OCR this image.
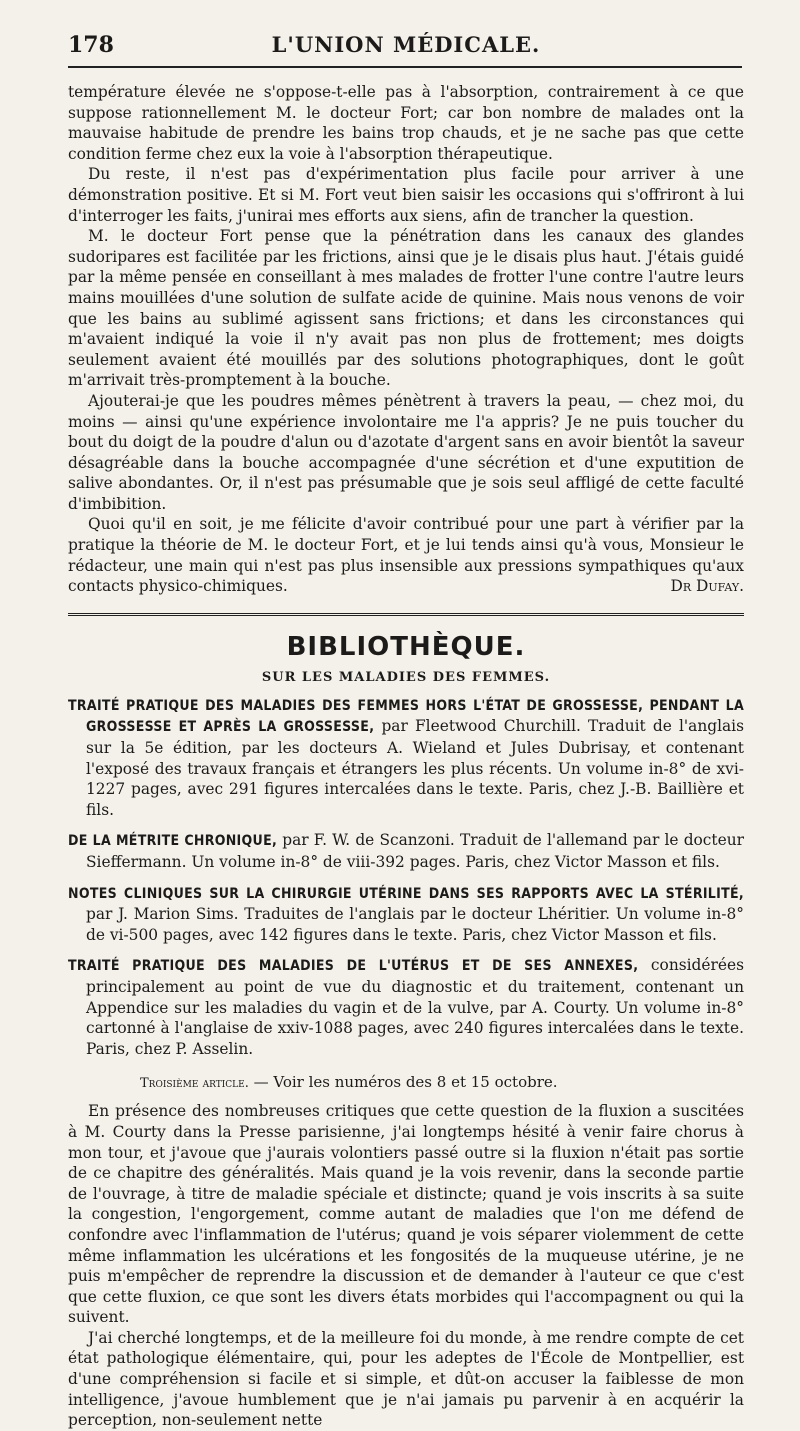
178	L'UNION MÉDICALE.

température élevée ne s'oppose-t-elle pas à l'absorption, contrairement à ce que suppose rationnellement M. le docteur Fort; car bon nombre de malades ont la mauvaise habitude de prendre les bains trop chauds, et je ne sache pas que cette condition ferme chez eux la voie à l'absorption thérapeutique.

Du reste, il n'est pas d'expérimentation plus facile pour arriver à une démonstration positive. Et si M. Fort veut bien saisir les occasions qui s'offriront à lui d'interroger les faits, j'unirai mes efforts aux siens, afin de trancher la question.

M. le docteur Fort pense que la pénétration dans les canaux des glandes sudoripares est facilitée par les frictions, ainsi que je le disais plus haut. J'étais guidé par la même pensée en conseillant à mes malades de frotter l'une contre l'autre leurs mains mouillées d'une solution de sulfate acide de quinine. Mais nous venons de voir que les bains au sublimé agissent sans frictions; et dans les circonstances qui m'avaient indiqué la voie il n'y avait pas non plus de frottement; mes doigts seulement avaient été mouillés par des solutions photographiques, dont le goût m'arrivait très-promptement à la bouche.

Ajouterai-je que les poudres mêmes pénètrent à travers la peau, — chez moi, du moins — ainsi qu'une expérience involontaire me l'a appris? Je ne puis toucher du bout du doigt de la poudre d'alun ou d'azotate d'argent sans en avoir bientôt la saveur désagréable dans la bouche accompagnée d'une sécrétion et d'une exputition de salive abondantes. Or, il n'est pas présumable que je sois seul affligé de cette faculté d'imbibition.

Quoi qu'il en soit, je me félicite d'avoir contribué pour une part à vérifier par la pratique la théorie de M. le docteur Fort, et je lui tends ainsi qu'à vous, Monsieur le rédacteur, une main qui n'est pas plus insensible aux pressions sympathiques qu'aux contacts physico-chimiques.	Dr Dufay.

BIBLIOTHÈQUE.
SUR LES MALADIES DES FEMMES.
TRAITÉ PRATIQUE DES MALADIES DES FEMMES HORS L'ÉTAT DE GROSSESSE, PENDANT LA GROSSESSE ET APRÈS LA GROSSESSE, par Fleetwood Churchill. Traduit de l'anglais sur la 5e édition, par les docteurs A. Wieland et Jules Dubrisay, et contenant l'exposé des travaux français et étrangers les plus récents. Un volume in-8° de xvi-1227 pages, avec 291 figures intercalées dans le texte. Paris, chez J.-B. Baillière et fils.
DE LA MÉTRITE CHRONIQUE, par F. W. de Scanzoni. Traduit de l'allemand par le docteur Sieffermann. Un volume in-8° de viii-392 pages. Paris, chez Victor Masson et fils.
NOTES CLINIQUES SUR LA CHIRURGIE UTÉRINE DANS SES RAPPORTS AVEC LA STÉRILITÉ, par J. Marion Sims. Traduites de l'anglais par le docteur Lhéritier. Un volume in-8° de vi-500 pages, avec 142 figures dans le texte. Paris, chez Victor Masson et fils.
TRAITÉ PRATIQUE DES MALADIES DE L'UTÉRUS ET DE SES ANNEXES, considérées principalement au point de vue du diagnostic et du traitement, contenant un Appendice sur les maladies du vagin et de la vulve, par A. Courty. Un volume in-8° cartonné à l'anglaise de xxiv-1088 pages, avec 240 figures intercalées dans le texte. Paris, chez P. Asselin.
Troisième article. — Voir les numéros des 8 et 15 octobre.

En présence des nombreuses critiques que cette question de la fluxion a suscitées à M. Courty dans la Presse parisienne, j'ai longtemps hésité à venir faire chorus à mon tour, et j'avoue que j'aurais volontiers passé outre si la fluxion n'était pas sortie de ce chapitre des généralités. Mais quand je la vois revenir, dans la seconde partie de l'ouvrage, à titre de maladie spéciale et distincte; quand je vois inscrits à sa suite la congestion, l'engorgement, comme autant de maladies que l'on me défend de confondre avec l'inflammation de l'utérus; quand je vois séparer violemment de cette même inflammation les ulcérations et les fongosités de la muqueuse utérine, je ne puis m'empêcher de reprendre la discussion et de demander à l'auteur ce que c'est que cette fluxion, ce que sont les divers états morbides qui l'accompagnent ou qui la suivent.

J'ai cherché longtemps, et de la meilleure foi du monde, à me rendre compte de cet état pathologique élémentaire, qui, pour les adeptes de l'École de Montpellier, est d'une compréhension si facile et si simple, et dût-on accuser la faiblesse de mon intelligence, j'avoue humblement que je n'ai jamais pu parvenir à en acquérir la perception, non-seulement nette
